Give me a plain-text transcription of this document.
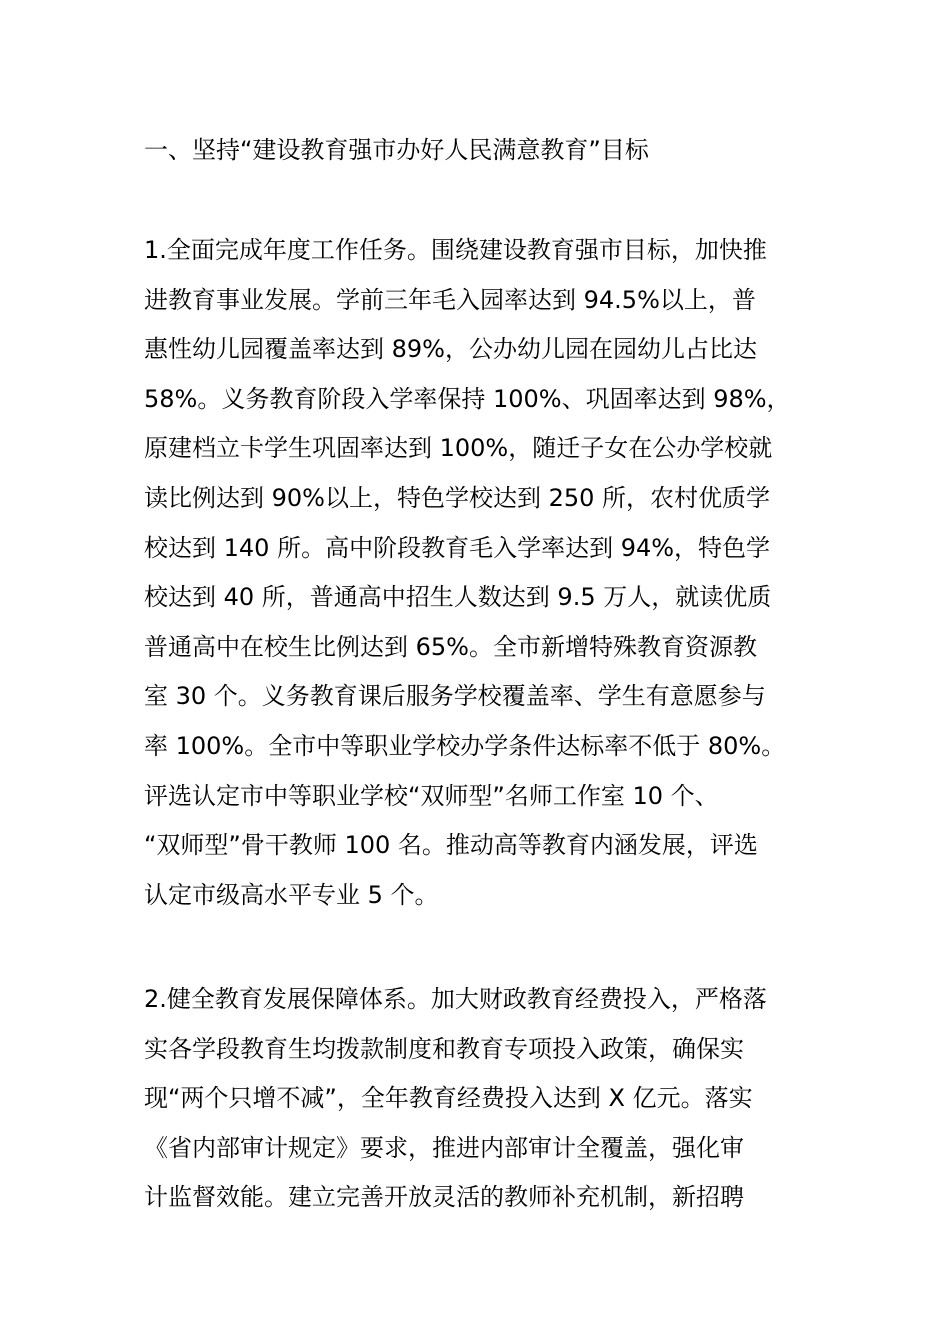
一、坚持“建设教育强市办好人民满意教育”目标
1.全面完成年度工作任务。围绕建设教育强市目标，加快推
进教育事业发展。学前三年毛入园率达到 94.5%以上，普
惠性幼儿园覆盖率达到 89%，公办幼儿园在园幼儿占比达
58%。义务教育阶段入学率保持 100%、巩固率达到 98%，
原建档立卡学生巩固率达到 100%，随迁子女在公办学校就
读比例达到 90%以上，特色学校达到 250 所，农村优质学
校达到 140 所。高中阶段教育毛入学率达到 94%，特色学
校达到 40 所，普通高中招生人数达到 9.5 万人，就读优质
普通高中在校生比例达到 65%。全市新增特殊教育资源教
室 30 个。义务教育课后服务学校覆盖率、学生有意愿参与
率 100%。全市中等职业学校办学条件达标率不低于 80%。
评选认定市中等职业学校“双师型”名师工作室 10 个、
“双师型”骨干教师 100 名。推动高等教育内涵发展，评选
认定市级高水平专业 5 个。
2.健全教育发展保障体系。加大财政教育经费投入，严格落
实各学段教育生均拨款制度和教育专项投入政策，确保实
现“两个只增不减”，全年教育经费投入达到 X 亿元。落实
《省内部审计规定》要求，推进内部审计全覆盖，强化审
计监督效能。建立完善开放灵活的教师补充机制，新招聘
